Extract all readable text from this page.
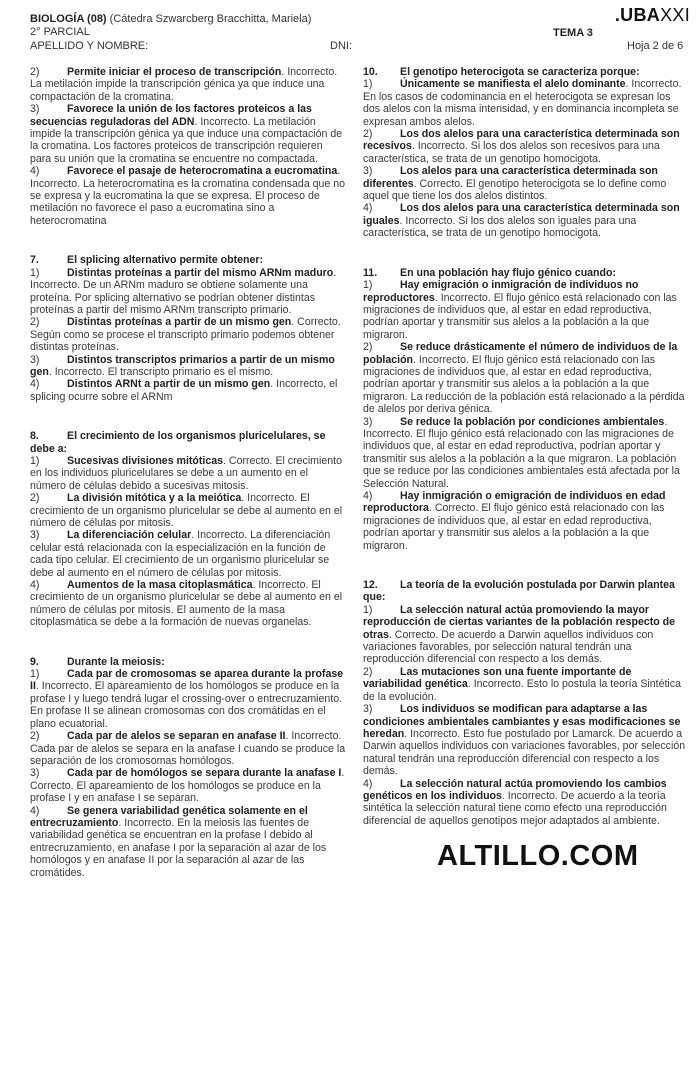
BIOLOGÍA (08) (Cátedra Szwarcberg Bracchitta, Mariela)
2° PARCIAL
APELLIDO Y NOMBRE:	DNI:
.UBAXXI
TEMA 3
Hoja 2 de 6

2)	Permite iniciar el proceso de transcripción. Incorrecto. La metilación impide la transcripción génica ya que induce una compactación de la cromatina.

3)	Favorece la unión de los factores proteicos a las secuencias reguladoras del ADN. Incorrecto. La metilación impide la transcripción génica ya que induce una compactación de la cromatina. Los factores proteicos de transcripción requieren para su unión que la cromatina se encuentre no compactada.

4)	Favorece el pasaje de heterocromatina a eucromatina. Incorrecto. La heterocromatina es la cromatina condensada que no se expresa y la eucromatina la que se expresa. El proceso de metilación no favorece el paso a eucromatina sino a heterocromatina

7.	El splicing alternativo permite obtener:

1)	Distintas proteínas a partir del mismo ARNm maduro. Incorrecto. De un ARNm maduro se obtiene solamente una proteína. Por splicing alternativo se podrían obtener distintas proteínas a partir del mismo ARNm transcripto primario.

2)	Distintas proteínas a partir de un mismo gen. Correcto. Según como se procese el transcripto primario podemos obtener distintas proteínas.

3)	Distintos transcriptos primarios a partir de un mismo gen. Incorrecto. El transcripto primario es el mismo.

4)	Distintos ARNt a partir de un mismo gen. Incorrecto, el splicing ocurre sobre el ARNm

8.	El crecimiento de los organismos pluricelulares, se debe a:

1)	Sucesivas divisiones mitóticas. Correcto. El crecimiento en los individuos pluricelulares se debe a un aumento en el número de células debido a sucesivas mitosis.

2)	La división mitótica y a la meiótica. Incorrecto. El crecimiento de un organismo pluricelular se debe al aumento en el número de células por mitosis.

3)	La diferenciación celular. Incorrecto. La diferenciación celular está relacionada con la especialización en la función de cada tipo celular. El crecimiento de un organismo pluricelular se debe al aumento en el número de células por mitosis.

4)	Aumentos de la masa citoplasmática. Incorrecto. El crecimiento de un organismo pluricelular se debe al aumento en el número de células por mitosis. El aumento de la masa citoplasmática se debe a la formación de nuevas organelas.

9.	Durante la meiosis:

1)	Cada par de cromosomas se aparea durante la profase II. Incorrecto. El apareamiento de los homólogos se produce en la profase I y luego tendrá lugar el crossing-over o entrecruzamiento. En profase II se alinean cromosomas con dos cromátidas en el plano ecuatorial.

2)	Cada par de alelos se separan en anafase II. Incorrecto. Cada par de alelos se separa en la anafase I cuando se produce la separación de los cromosomas homólogos.

3)	Cada par de homólogos se separa durante la anafase I. Correcto. El apareamiento de los homólogos se produce en la profase I y en anafase I se separan.

4)	Se genera variabilidad genética solamente en el entrecruzamiento. Incorrecto. En la meiosis las fuentes de variabilidad genética se encuentran en la profase I debido al entrecruzamiento, en anafase I por la separación al azar de los homólogos y en anafase II por la separación al azar de las cromátides.

10. El genotipo heterocigota se caracteriza porque:

1)	Únicamente se manifiesta el alelo dominante. Incorrecto. En los casos de codominancia en el heterocigota se expresan los dos alelos con la misma intensidad, y en dominancia incompleta se expresan ambos alelos.

2)	Los dos alelos para una característica determinada son recesivos. Incorrecto. Si los dos alelos son recesivos para una característica, se trata de un genotipo homocigota.

3)	Los alelos para una característica determinada son diferentes. Correcto. El genotipo heterocigota se lo define como aquel que tiene los dos alelos distintos.

4)	Los dos alelos para una característica determinada son iguales. Incorrecto. Si los dos alelos son iguales para una característica, se trata de un genotipo homocigota.

11. En una población hay flujo génico cuando:

1)	Hay emigración o inmigración de individuos no reproductores. Incorrecto. El flujo génico está relacionado con las migraciones de individuos que, al estar en edad reproductiva, podrían aportar y transmitir sus alelos a la población a la que migraron.

2)	Se reduce drásticamente el número de individuos de la población. Incorrecto. El flujo génico está relacionado con las migraciones de individuos que, al estar en edad reproductiva, podrían aportar y transmitir sus alelos a la población a la que migraron. La reducción de la población está relacionado a la pérdida de alelos por deriva génica.

3)	Se reduce la población por condiciones ambientales. Incorrecto. El flujo génico está relacionado con las migraciones de individuos que, al estar en edad reproductiva, podrían aportar y transmitir sus alelos a la población a la que migraron. La población que se reduce por las condiciones ambientales está afectada por la Selección Natural.

4)	Hay inmigración o emigración de individuos en edad reproductora. Correcto. El flujo génico está relacionado con las migraciones de individuos que, al estar en edad reproductiva, podrían aportar y transmitir sus alelos a la población a la que migraron.

12. La teoría de la evolución postulada por Darwin plantea que:

1)	La selección natural actúa promoviendo la mayor reproducción de ciertas variantes de la población respecto de otras. Correcto. De acuerdo a Darwin aquellos individuos con variaciones favorables, por selección natural tendrán una reproducción diferencial con respecto a los demás.

2)	Las mutaciones son una fuente importante de variabilidad genética. Incorrecto. Esto lo postula la teoría Sintética de la evolución.

3)	Los individuos se modifican para adaptarse a las condiciones ambientales cambiantes y esas modificaciones se heredan. Incorrecto. Esto fue postulado por Lamarck. De acuerdo a Darwin aquellos individuos con variaciones favorables, por selección natural tendrán una reproducción diferencial con respecto a los demás.

4)	La selección natural actúa promoviendo los cambios genéticos en los individuos. Incorrecto. De acuerdo a la teoría sintética la selección natural tiene como efecto una reproducción diferencial de aquellos genotipos mejor adaptados al ambiente.

ALTILLO.COM
